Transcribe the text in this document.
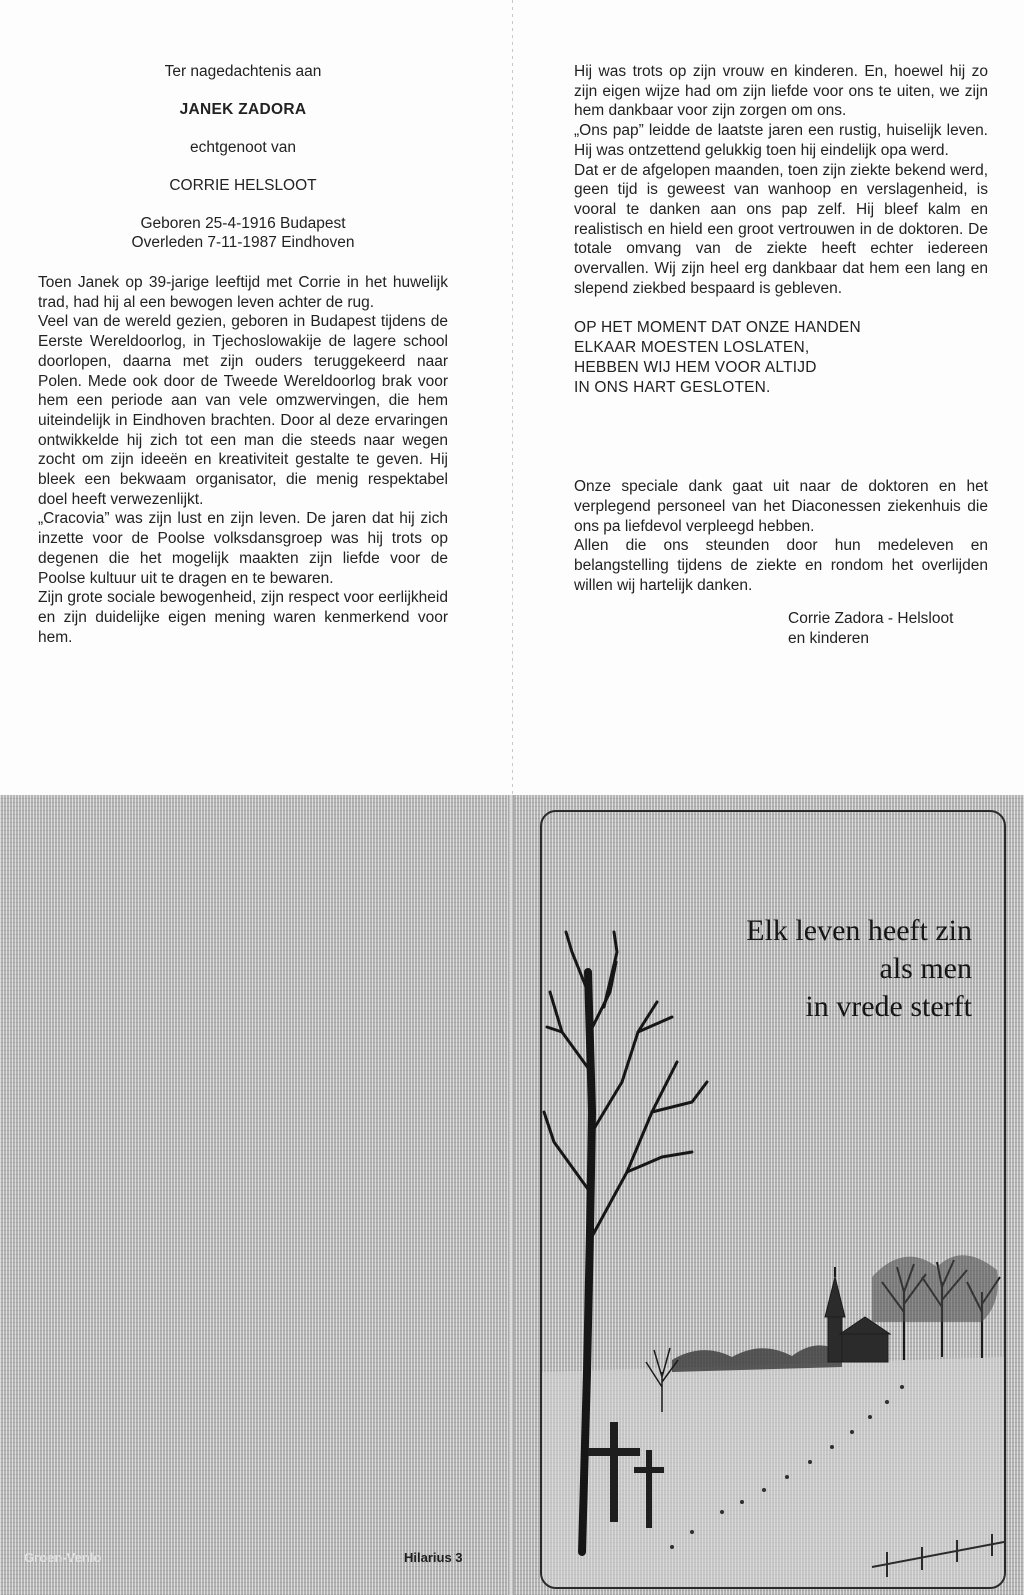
Ter nagedachtenis aan
JANEK ZADORA
echtgenoot van
CORRIE HELSLOOT
Geboren 25-4-1916 Budapest
Overleden 7-11-1987 Eindhoven

Toen Janek op 39-jarige leeftijd met Corrie in het huwelijk trad, had hij al een bewogen leven achter de rug.

Veel van de wereld gezien, geboren in Budapest tijdens de Eerste Wereldoorlog, in Tjechoslowakije de lagere school doorlopen, daarna met zijn ouders teruggekeerd naar Polen. Mede ook door de Tweede Wereldoorlog brak voor hem een periode aan van vele omzwervingen, die hem uiteindelijk in Eindhoven brachten. Door al deze ervaringen ontwikkelde hij zich tot een man die steeds naar wegen zocht om zijn ideeën en kreativiteit gestalte te geven. Hij bleek een bekwaam organisator, die menig respektabel doel heeft verwezenlijkt.

„Cracovia” was zijn lust en zijn leven. De jaren dat hij zich inzette voor de Poolse volksdansgroep was hij trots op degenen die het mogelijk maakten zijn liefde voor de Poolse kultuur uit te dragen en te bewaren.

Zijn grote sociale bewogenheid, zijn respect voor eerlijkheid en zijn duidelijke eigen mening waren kenmerkend voor hem.

Hij was trots op zijn vrouw en kinderen. En, hoewel hij zo zijn eigen wijze had om zijn liefde voor ons te uiten, we zijn hem dankbaar voor zijn zorgen om ons.

„Ons pap” leidde de laatste jaren een rustig, huiselijk leven. Hij was ontzettend gelukkig toen hij eindelijk opa werd.

Dat er de afgelopen maanden, toen zijn ziekte bekend werd, geen tijd is geweest van wanhoop en verslagenheid, is vooral te danken aan ons pap zelf. Hij bleef kalm en realistisch en hield een groot vertrouwen in de doktoren. De totale omvang van de ziekte heeft echter iedereen overvallen. Wij zijn heel erg dankbaar dat hem een lang en slepend ziekbed bespaard is gebleven.

OP HET MOMENT DAT ONZE HANDEN

ELKAAR MOESTEN LOSLATEN,

HEBBEN WIJ HEM VOOR ALTIJD

IN ONS HART GESLOTEN.

Onze speciale dank gaat uit naar de doktoren en het verplegend personeel van het Diaconessen ziekenhuis die ons pa liefdevol verpleegd hebben.

Allen die ons steunden door hun medeleven en belangstelling tijdens de ziekte en rondom het overlijden willen wij hartelijk danken.

Corrie Zadora - Helsloot
en kinderen
Groen-Venlo	Hilarius 3
Elk leven heeft zin
als men
in vrede sterft
